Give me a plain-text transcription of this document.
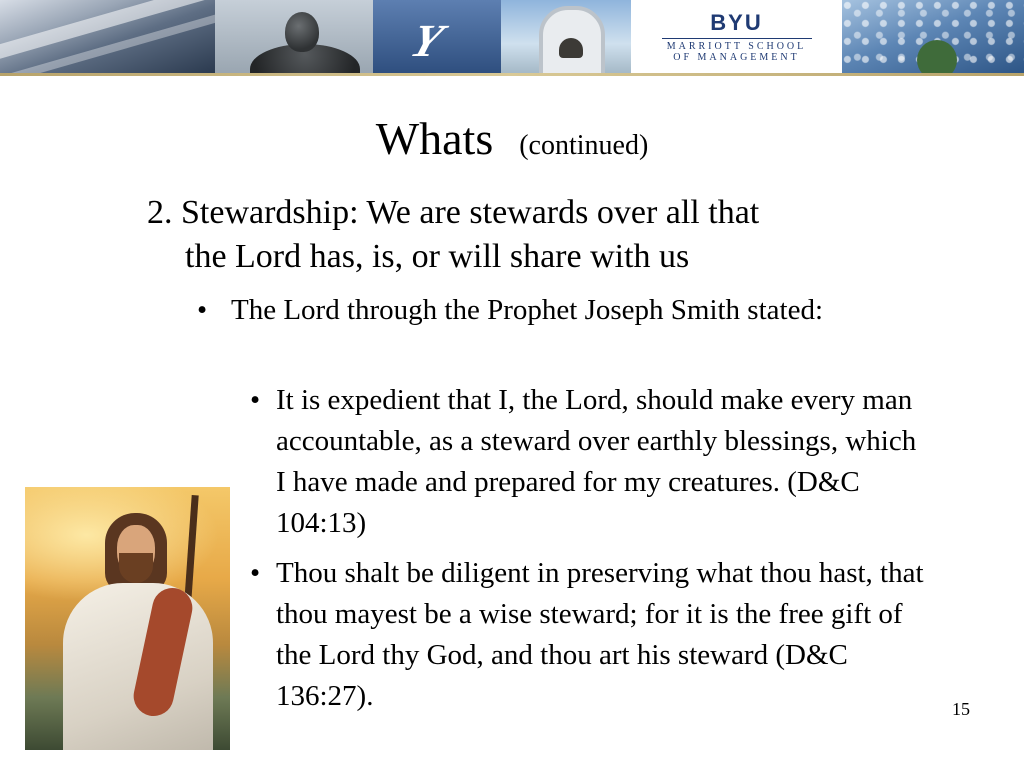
Y	BYU
MARRIOTT SCHOOL
OF MANAGEMENT
Whats (continued)
2. Stewardship: We are stewards over all that
the Lord has, is, or will share with us
• The Lord through the Prophet Joseph Smith stated:
• It is expedient that I, the Lord, should make every man accountable, as a steward over earthly blessings, which I have made and prepared for my creatures. (D&C 104:13)
• Thou shalt be diligent in preserving what thou hast, that thou mayest be a wise steward; for it is the free gift of the Lord thy God, and thou art his steward (D&C 136:27).	15
